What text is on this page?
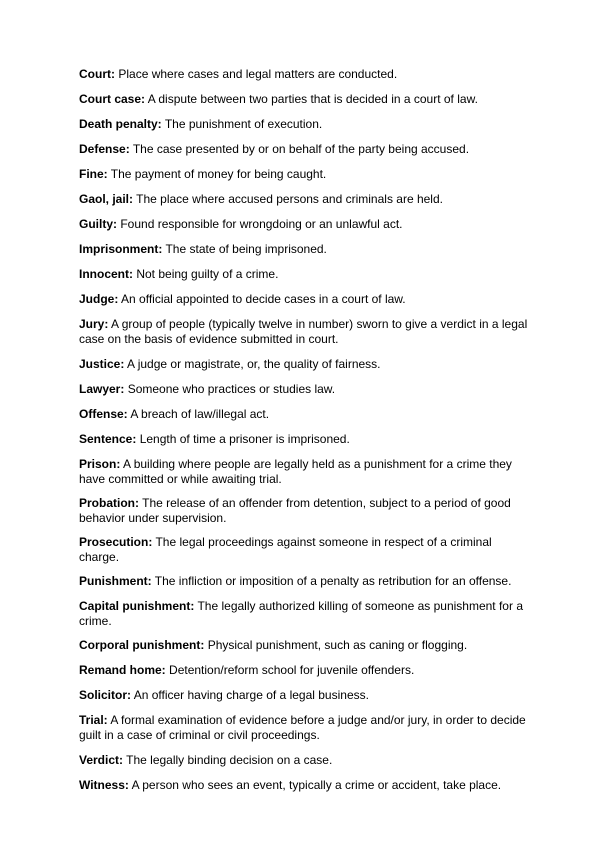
Court: Place where cases and legal matters are conducted.

Court case: A dispute between two parties that is decided in a court of law.

Death penalty: The punishment of execution.

Defense: The case presented by or on behalf of the party being accused.

Fine: The payment of money for being caught.

Gaol, jail: The place where accused persons and criminals are held.

Guilty: Found responsible for wrongdoing or an unlawful act.

Imprisonment: The state of being imprisoned.

Innocent: Not being guilty of a crime.

Judge: An official appointed to decide cases in a court of law.

Jury: A group of people (typically twelve in number) sworn to give a verdict in a legal case on the basis of evidence submitted in court.

Justice: A judge or magistrate, or, the quality of fairness.

Lawyer: Someone who practices or studies law.

Offense: A breach of law/illegal act.

Sentence: Length of time a prisoner is imprisoned.

Prison: A building where people are legally held as a punishment for a crime they have committed or while awaiting trial.

Probation: The release of an offender from detention, subject to a period of good behavior under supervision.

Prosecution: The legal proceedings against someone in respect of a criminal charge.

Punishment: The infliction or imposition of a penalty as retribution for an offense.

Capital punishment: The legally authorized killing of someone as punishment for a crime.

Corporal punishment: Physical punishment, such as caning or flogging.

Remand home: Detention/reform school for juvenile offenders.

Solicitor: An officer having charge of a legal business.

Trial: A formal examination of evidence before a judge and/or jury, in order to decide guilt in a case of criminal or civil proceedings.

Verdict: The legally binding decision on a case.

Witness: A person who sees an event, typically a crime or accident, take place.
